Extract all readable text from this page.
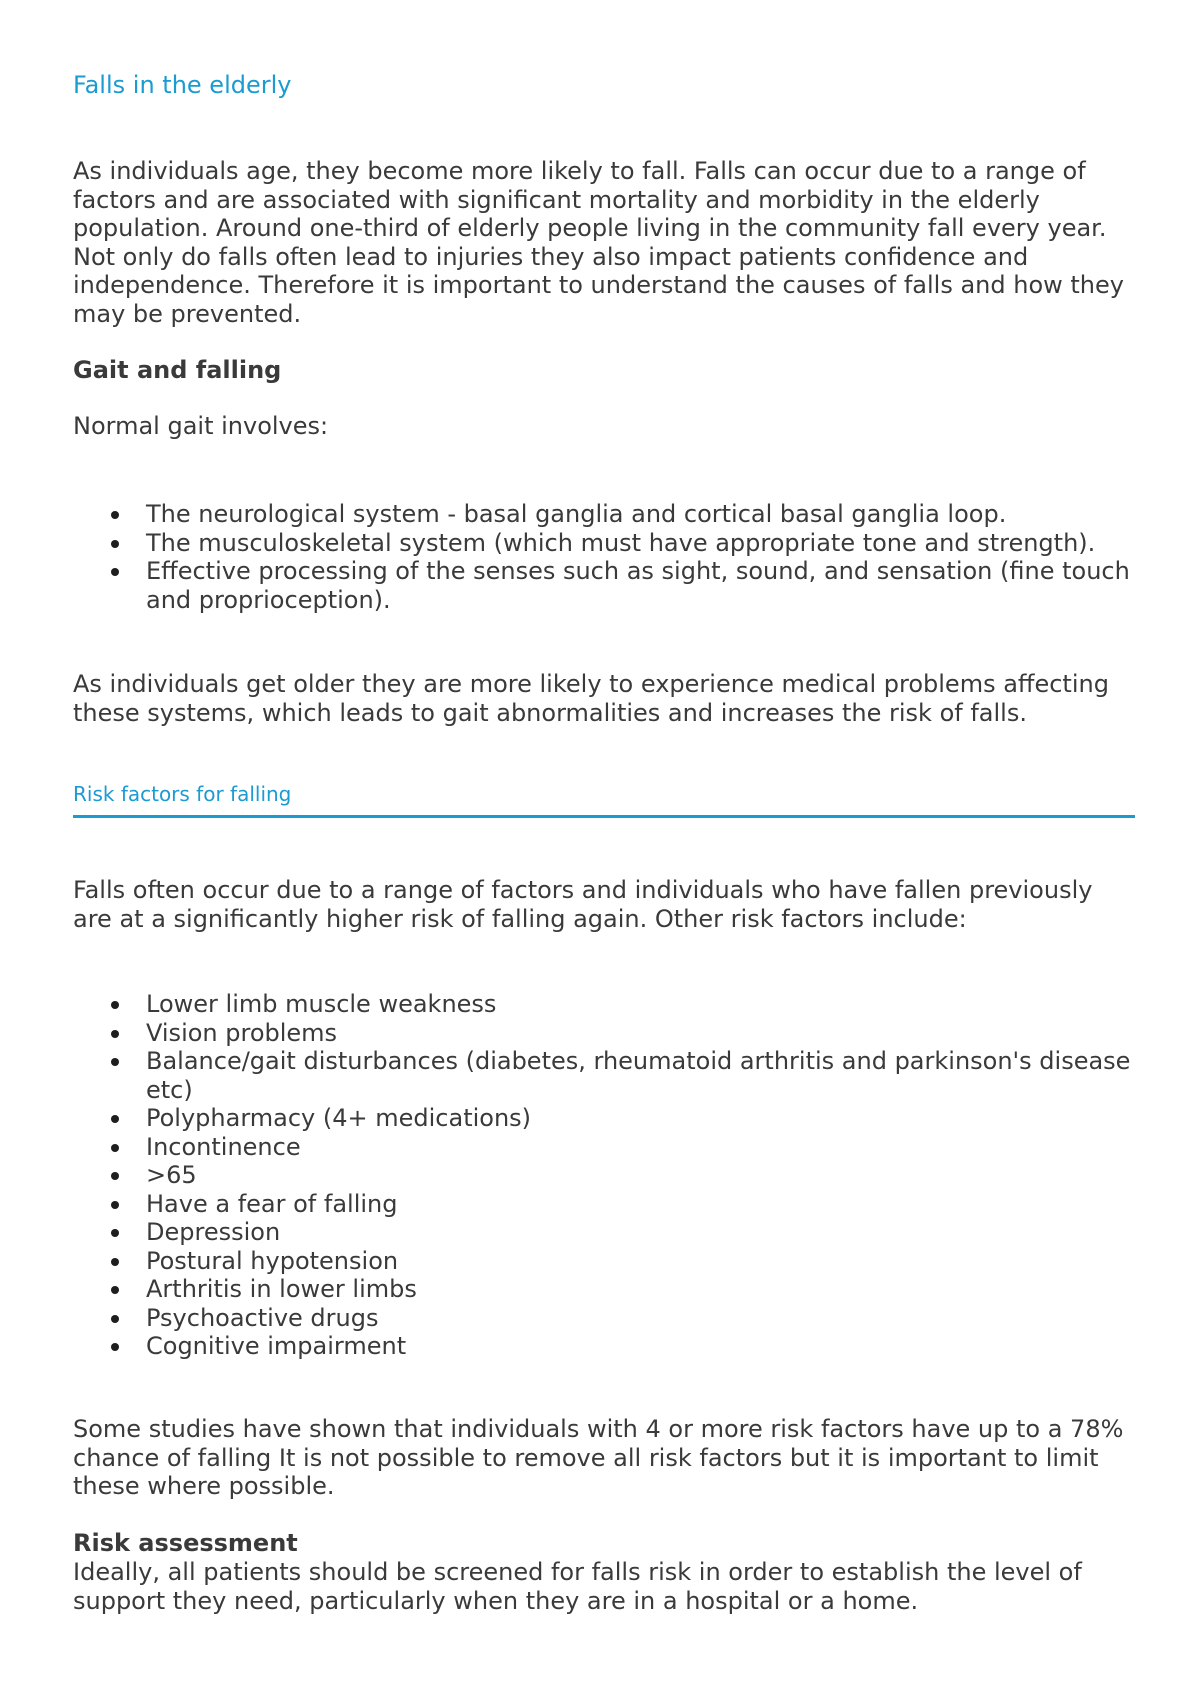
Falls in the elderly

As individuals age, they become more likely to fall. Falls can occur due to a range of factors and are associated with significant mortality and morbidity in the elderly population. Around one-third of elderly people living in the community fall every year. Not only do falls often lead to injuries they also impact patients confidence and independence. Therefore it is important to understand the causes of falls and how they may be prevented.

Gait and falling

Normal gait involves:

The neurological system - basal ganglia and cortical basal ganglia loop.
The musculoskeletal system (which must have appropriate tone and strength).
Effective processing of the senses such as sight, sound, and sensation (fine touch and proprioception).

As individuals get older they are more likely to experience medical problems affecting these systems, which leads to gait abnormalities and increases the risk of falls.

Risk factors for falling

Falls often occur due to a range of factors and individuals who have fallen previously are at a significantly higher risk of falling again. Other risk factors include:

Lower limb muscle weakness
Vision problems
Balance/gait disturbances (diabetes, rheumatoid arthritis and parkinson's disease etc)
Polypharmacy (4+ medications)
Incontinence
>65
Have a fear of falling
Depression
Postural hypotension
Arthritis in lower limbs
Psychoactive drugs
Cognitive impairment

Some studies have shown that individuals with 4 or more risk factors have up to a 78% chance of falling It is not possible to remove all risk factors but it is important to limit these where possible.

Risk assessment

Ideally, all patients should be screened for falls risk in order to establish the level of support they need, particularly when they are in a hospital or a home.
